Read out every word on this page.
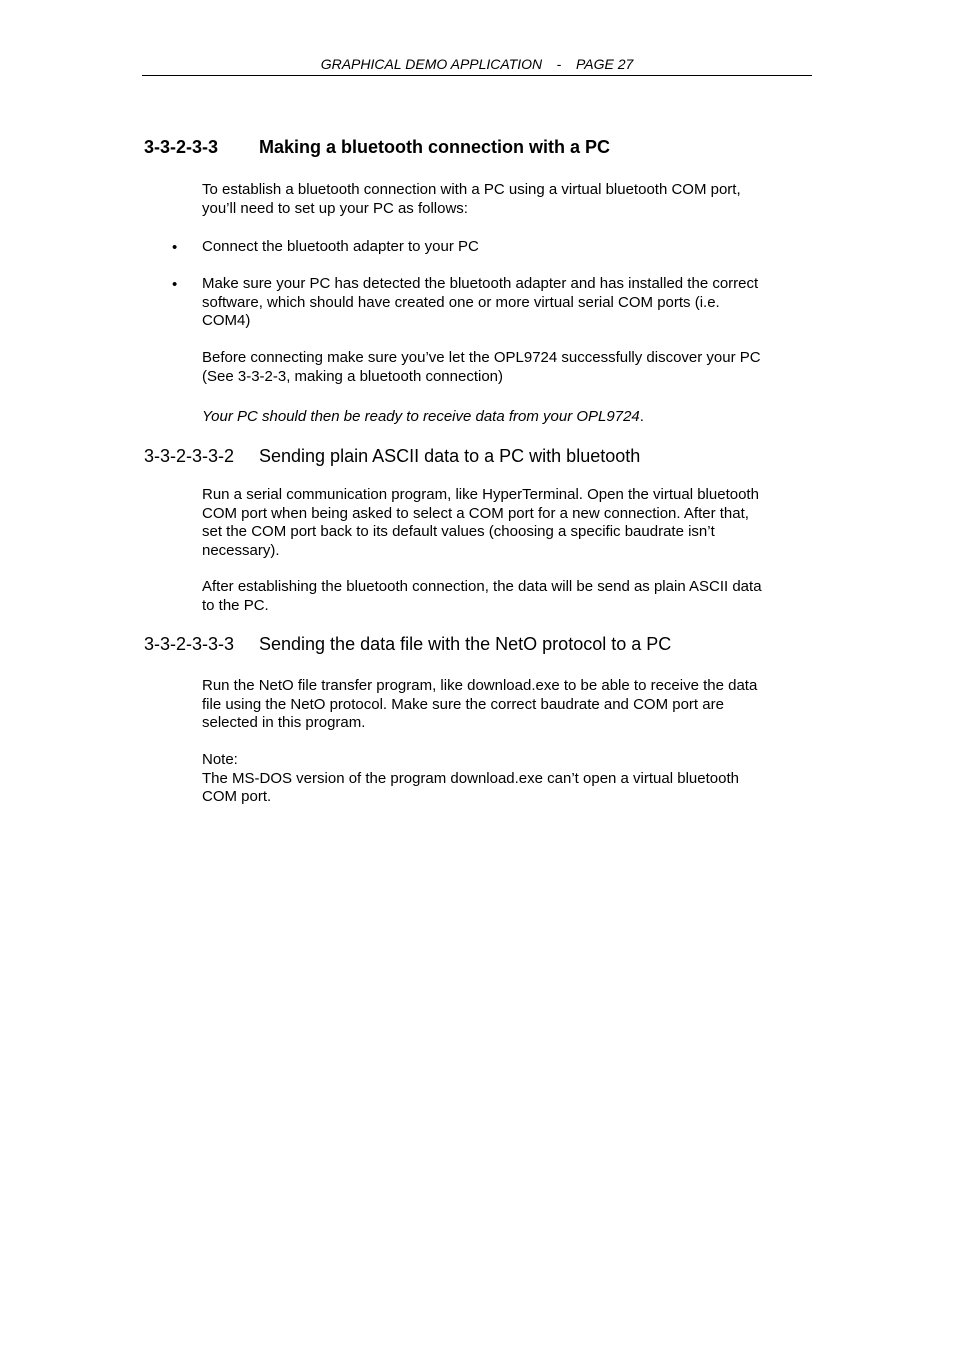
GRAPHICAL DEMO APPLICATION - PAGE 27
3-3-2-3-3 Making a bluetooth connection with a PC

To establish a bluetooth connection with a PC using a virtual bluetooth COM port,
you’ll need to set up your PC as follows:

• Connect the bluetooth adapter to your PC

• Make sure your PC has detected the bluetooth adapter and has installed the correct
software, which should have created one or more virtual serial COM ports (i.e.
COM4)

Before connecting make sure you’ve let the OPL9724 successfully discover your PC
(See 3-3-2-3, making a bluetooth connection)

Your PC should then be ready to receive data from your OPL9724.

3-3-2-3-3-2 Sending plain ASCII data to a PC with bluetooth

Run a serial communication program, like HyperTerminal. Open the virtual bluetooth
COM port when being asked to select a COM port for a new connection. After that,
set the COM port back to its default values (choosing a specific baudrate isn’t
necessary).

After establishing the bluetooth connection, the data will be send as plain ASCII data
to the PC.

3-3-2-3-3-3 Sending the data file with the NetO protocol to a PC

Run the NetO file transfer program, like download.exe to be able to receive the data
file using the NetO protocol. Make sure the correct baudrate and COM port are
selected in this program.

Note:
The MS-DOS version of the program download.exe can’t open a virtual bluetooth
COM port.
